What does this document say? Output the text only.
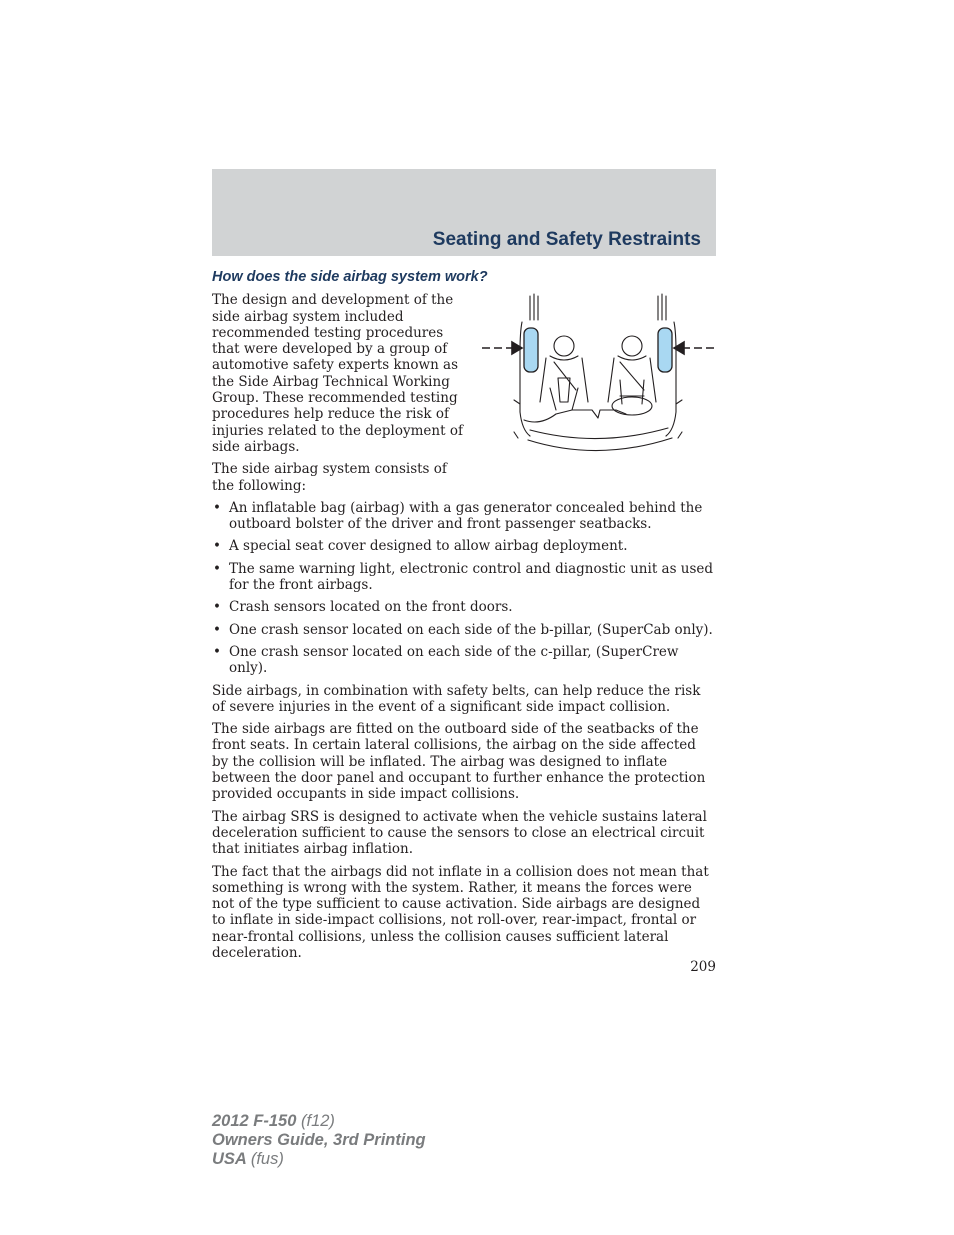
Seating and Safety Restraints
How does the side airbag system work?

The design and development of the side airbag system included recommended testing procedures that were developed by a group of automotive safety experts known as the Side Airbag Technical Working Group. These recommended testing procedures help reduce the risk of injuries related to the deployment of side airbags.

The side airbag system consists of the following:

• An inflatable bag (airbag) with a gas generator concealed behind the outboard bolster of the driver and front passenger seatbacks.
• A special seat cover designed to allow airbag deployment.
• The same warning light, electronic control and diagnostic unit as used for the front airbags.
• Crash sensors located on the front doors.
• One crash sensor located on each side of the b-pillar, (SuperCab only).
• One crash sensor located on each side of the c-pillar, (SuperCrew only).

Side airbags, in combination with safety belts, can help reduce the risk of severe injuries in the event of a significant side impact collision.

The side airbags are fitted on the outboard side of the seatbacks of the front seats. In certain lateral collisions, the airbag on the side affected by the collision will be inflated. The airbag was designed to inflate between the door panel and occupant to further enhance the protection provided occupants in side impact collisions.

The airbag SRS is designed to activate when the vehicle sustains lateral deceleration sufficient to cause the sensors to close an electrical circuit that initiates airbag inflation.

The fact that the airbags did not inflate in a collision does not mean that something is wrong with the system. Rather, it means the forces were not of the type sufficient to cause activation. Side airbags are designed to inflate in side-impact collisions, not roll-over, rear-impact, frontal or near-frontal collisions, unless the collision causes sufficient lateral deceleration.

209
2012 F-150 (f12)
Owners Guide, 3rd Printing
USA (fus)
